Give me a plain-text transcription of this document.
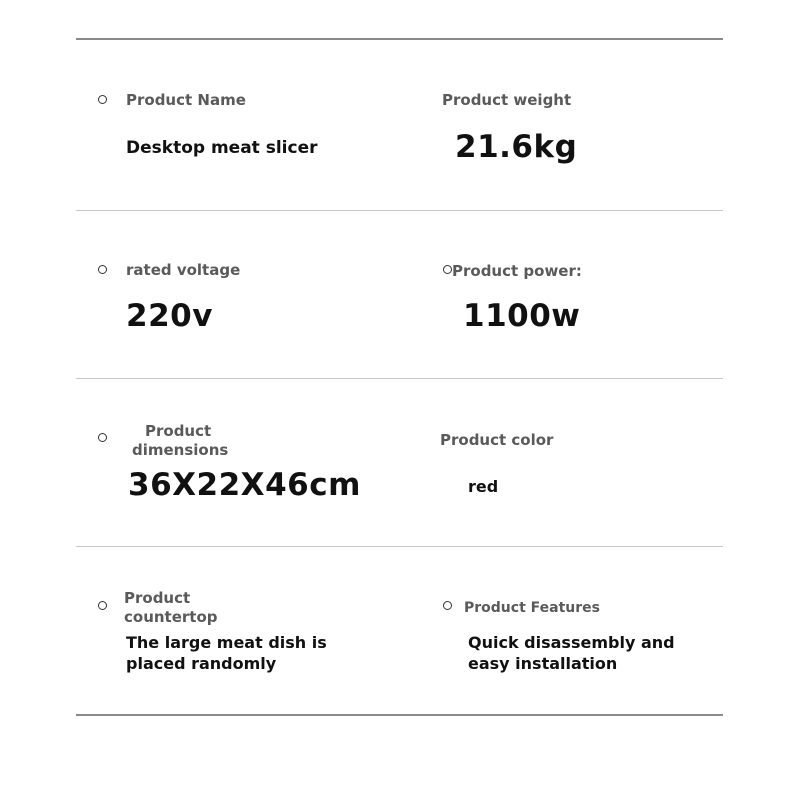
Product Name
Desktop meat slicer
Product weight
21.6kg
rated voltage
220v
Product power:
1100w
Product
dimensions
36X22X46cm
Product color
red
Product
countertop
The large meat dish is
placed randomly
Product Features
Quick disassembly and
easy installation
